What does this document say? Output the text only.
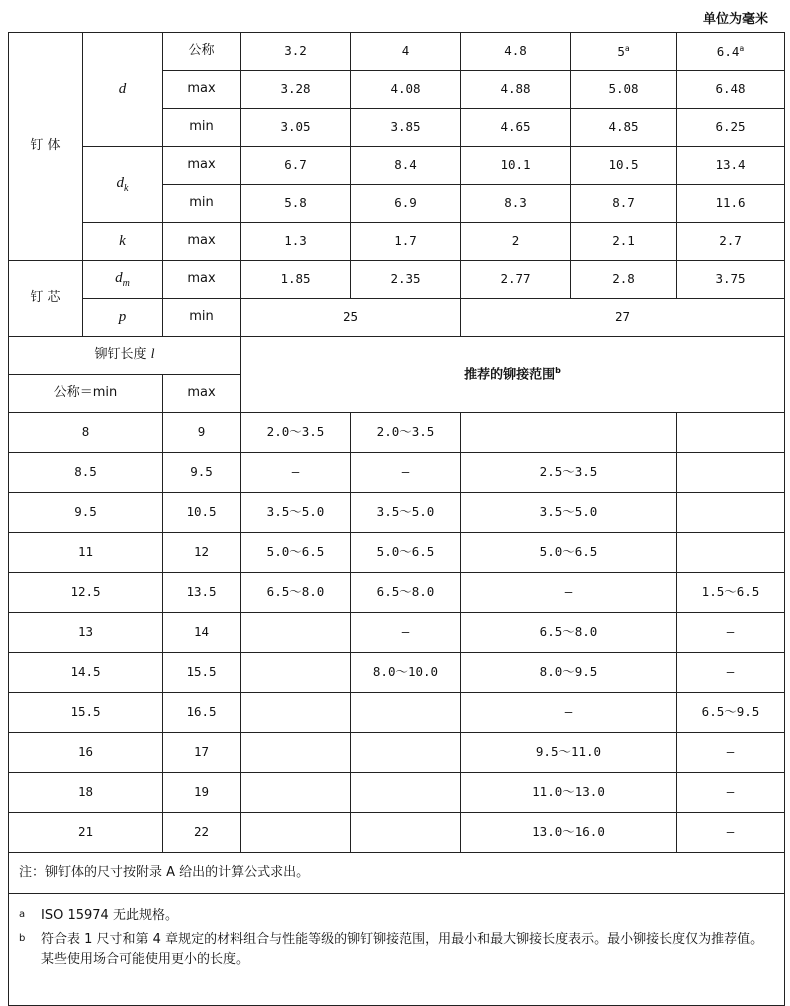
单位为毫米
钉 体	d	公称	3.2	4	4.8	5$^a$	6.4$^a$
		max	3.28	4.08	4.88	5.08	6.48
		min	3.05	3.85	4.65	4.85	6.25
	$d_k$	max	6.7	8.4	10.1	10.5	13.4
		min	5.8	6.9	8.3	8.7	11.6
	k	max	1.3	1.7	2	2.1	2.7
钉 芯	$d_m$	max	1.85	2.35	2.77	2.8	3.75
	p	min	25		27		
铆钉长度 l			推荐的铆接范围$^b$
公称＝min		max					
8		9	2.0～3.5	2.0～3.5			
8.5		9.5	—	—	2.5～3.5		
9.5		10.5	3.5～5.0	3.5～5.0	3.5～5.0		
11		12	5.0～6.5	5.0～6.5	5.0～6.5		
12.5		13.5	6.5～8.0	6.5～8.0	—		1.5～6.5
13		14		—	6.5～8.0		—
14.5		15.5		8.0～10.0	8.0～9.5		—
15.5		16.5			—		6.5～9.5
16		17			9.5～11.0		—
18		19			11.0～13.0		—
21		22			13.0～16.0		—
注：铆钉体的尺寸按附录 A 给出的计算公式求出。							

a ISO 15974 无此规格。
b 符合表 1 尺寸和第 4 章规定的材料组合与性能等级的铆钉铆接范围，用最小和最大铆接长度表示。最小铆接长度仅为推荐值。某些使用场合可能使用更小的长度。							
